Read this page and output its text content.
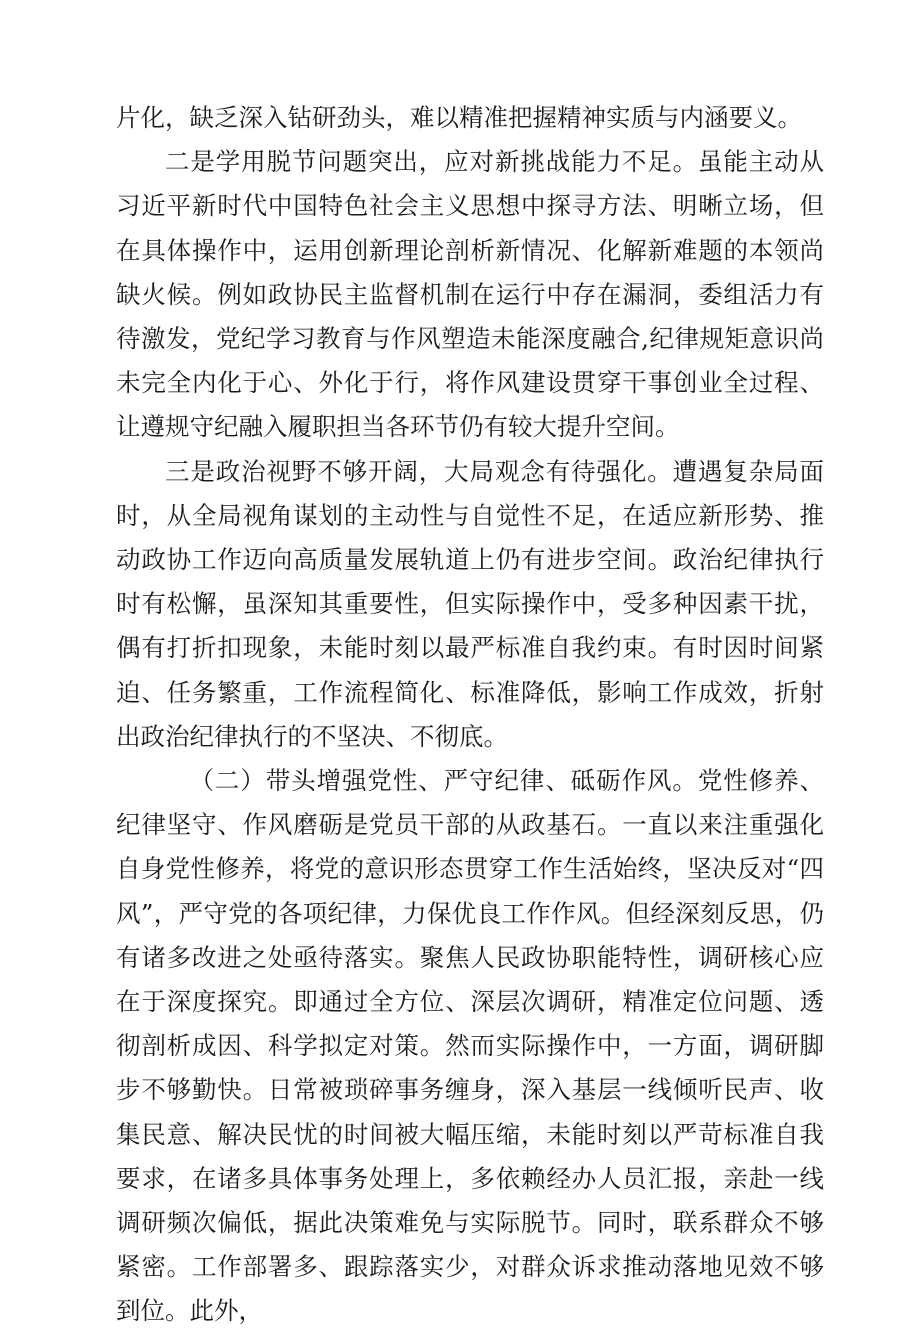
片化，缺乏深入钻研劲头，难以精准把握精神实质与内涵要义。

二是学用脱节问题突出，应对新挑战能力不足。虽能主动从习近平新时代中国特色社会主义思想中探寻方法、明晰立场，但在具体操作中，运用创新理论剖析新情况、化解新难题的本领尚缺火候。例如政协民主监督机制在运行中存在漏洞，委组活力有待激发，党纪学习教育与作风塑造未能深度融合,纪律规矩意识尚未完全内化于心、外化于行，将作风建设贯穿干事创业全过程、让遵规守纪融入履职担当各环节仍有较大提升空间。

三是政治视野不够开阔，大局观念有待强化。遭遇复杂局面时，从全局视角谋划的主动性与自觉性不足，在适应新形势、推动政协工作迈向高质量发展轨道上仍有进步空间。政治纪律执行时有松懈，虽深知其重要性，但实际操作中，受多种因素干扰，偶有打折扣现象，未能时刻以最严标准自我约束。有时因时间紧迫、任务繁重，工作流程简化、标准降低，影响工作成效，折射出政治纪律执行的不坚决、不彻底。

（二）带头增强党性、严守纪律、砥砺作风。党性修养、纪律坚守、作风磨砺是党员干部的从政基石。一直以来注重强化自身党性修养，将党的意识形态贯穿工作生活始终，坚决反对“四风”，严守党的各项纪律，力保优良工作作风。但经深刻反思，仍有诸多改进之处亟待落实。聚焦人民政协职能特性，调研核心应在于深度探究。即通过全方位、深层次调研，精准定位问题、透彻剖析成因、科学拟定对策。然而实际操作中，一方面，调研脚步不够勤快。日常被琐碎事务缠身，深入基层一线倾听民声、收集民意、解决民忧的时间被大幅压缩，未能时刻以严苛标准自我要求，在诸多具体事务处理上，多依赖经办人员汇报，亲赴一线调研频次偏低，据此决策难免与实际脱节。同时，联系群众不够紧密。工作部署多、跟踪落实少，对群众诉求推动落地见效不够到位。此外，
